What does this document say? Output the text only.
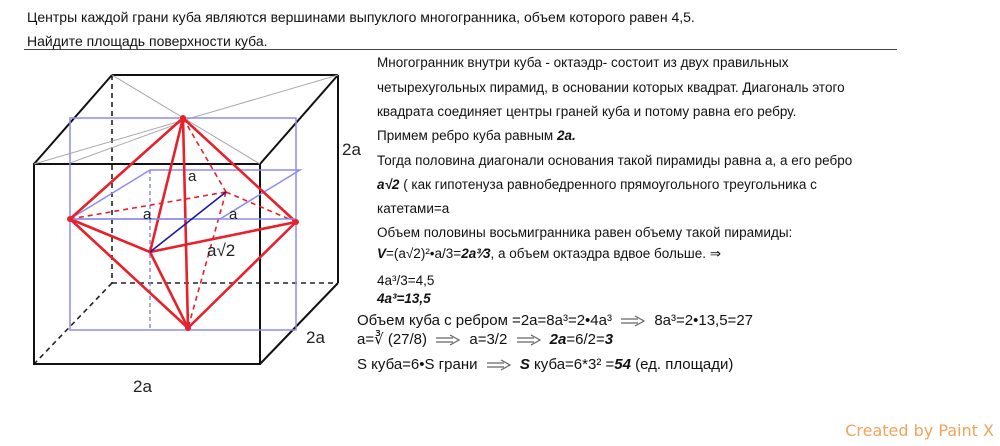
Центры каждой грани куба являются вершинами выпуклого многогранника, объем которого равен 4,5.
Найдите площадь поверхности куба.
2a
2a
2a
a	a
a
a√2
Многогранник внутри куба - октаэдр- состоит из двух правильных
четырехугольных пирамид, в основании которых квадрат. Диагональ этого
квадрата соединяет центры граней куба и потому равна его ребру.
Примем ребро куба равным 2a.
Тогда половина диагонали основания такой пирамиды равна а, а его ребро
a√2 ( как гипотенуза равнобедренного прямоугольного треугольника с
катетами=а
Объем половины восьмигранника равен объему такой пирамиды:
V=(a√2)²•a/3=2a³⁄3, а объем октаэдра вдвое больше. ⇒
4a³/3=4,5
4a³=13,5
Объем куба с ребром =2a=8a³=2•4a³	8a³=2•13,5=27
a=∛ (27/8)	a=3/2	2a=6/2=3
S куба=6•S грани	S куба=6*3² =54 (ед. площади)
Created by Paint X
